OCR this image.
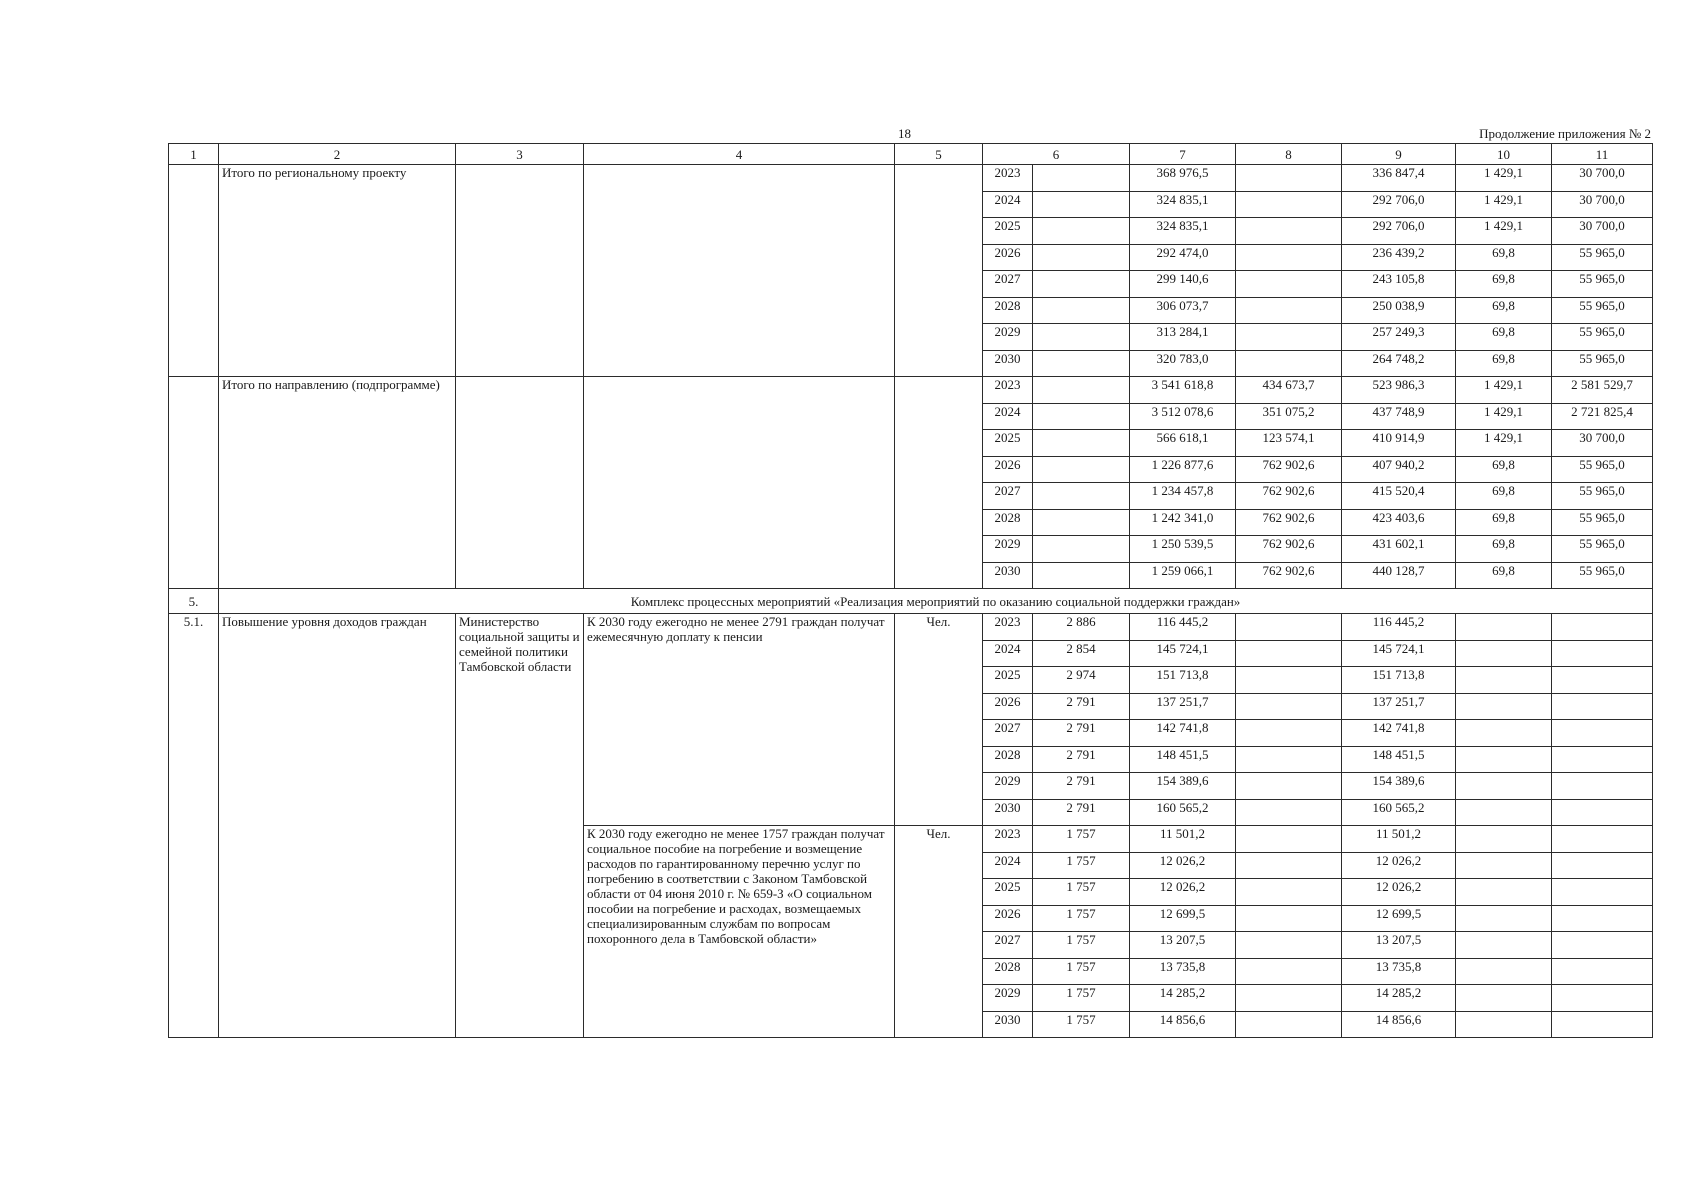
18	Продолжение приложения № 2
1	2	3	4	5	6		7	8	9	10	11
	Итого по региональному проекту				2023		368 976,5		336 847,4	1 429,1	30 700,0
					2024		324 835,1		292 706,0	1 429,1	30 700,0
					2025		324 835,1		292 706,0	1 429,1	30 700,0
					2026		292 474,0		236 439,2	69,8	55 965,0
					2027		299 140,6		243 105,8	69,8	55 965,0
					2028		306 073,7		250 038,9	69,8	55 965,0
					2029		313 284,1		257 249,3	69,8	55 965,0
					2030		320 783,0		264 748,2	69,8	55 965,0
	Итого по направлению (подпрограмме)				2023		3 541 618,8	434 673,7	523 986,3	1 429,1	2 581 529,7
					2024		3 512 078,6	351 075,2	437 748,9	1 429,1	2 721 825,4
					2025		566 618,1	123 574,1	410 914,9	1 429,1	30 700,0
					2026		1 226 877,6	762 902,6	407 940,2	69,8	55 965,0
					2027		1 234 457,8	762 902,6	415 520,4	69,8	55 965,0
					2028		1 242 341,0	762 902,6	423 403,6	69,8	55 965,0
					2029		1 250 539,5	762 902,6	431 602,1	69,8	55 965,0
					2030		1 259 066,1	762 902,6	440 128,7	69,8	55 965,0
5.	Комплекс процессных мероприятий «Реализация мероприятий по оказанию социальной поддержки граждан»										
5.1.	Повышение уровня доходов граждан	Министерство социальной защиты и семейной политики Тамбовской области	К 2030 году ежегодно не менее 2791 граждан получат ежемесячную доплату к пенсии	Чел.	2023	2 886	116 445,2		116 445,2		
					2024	2 854	145 724,1		145 724,1		
					2025	2 974	151 713,8		151 713,8		
					2026	2 791	137 251,7		137 251,7		
					2027	2 791	142 741,8		142 741,8		
					2028	2 791	148 451,5		148 451,5		
					2029	2 791	154 389,6		154 389,6		
					2030	2 791	160 565,2		160 565,2		
			К 2030 году ежегодно не менее 1757 граждан получат социальное пособие на погребение и возмещение расходов по гарантированному перечню услуг по погребению в соответствии с Законом Тамбовской области от 04 июня 2010 г. № 659-З «О социальном пособии на погребение и расходах, возмещаемых специализированным службам по вопросам похоронного дела в Тамбовской области»	Чел.	2023	1 757	11 501,2		11 501,2		
					2024	1 757	12 026,2		12 026,2		
					2025	1 757	12 026,2		12 026,2		
					2026	1 757	12 699,5		12 699,5		
					2027	1 757	13 207,5		13 207,5		
					2028	1 757	13 735,8		13 735,8		
					2029	1 757	14 285,2		14 285,2		
					2030	1 757	14 856,6		14 856,6		
